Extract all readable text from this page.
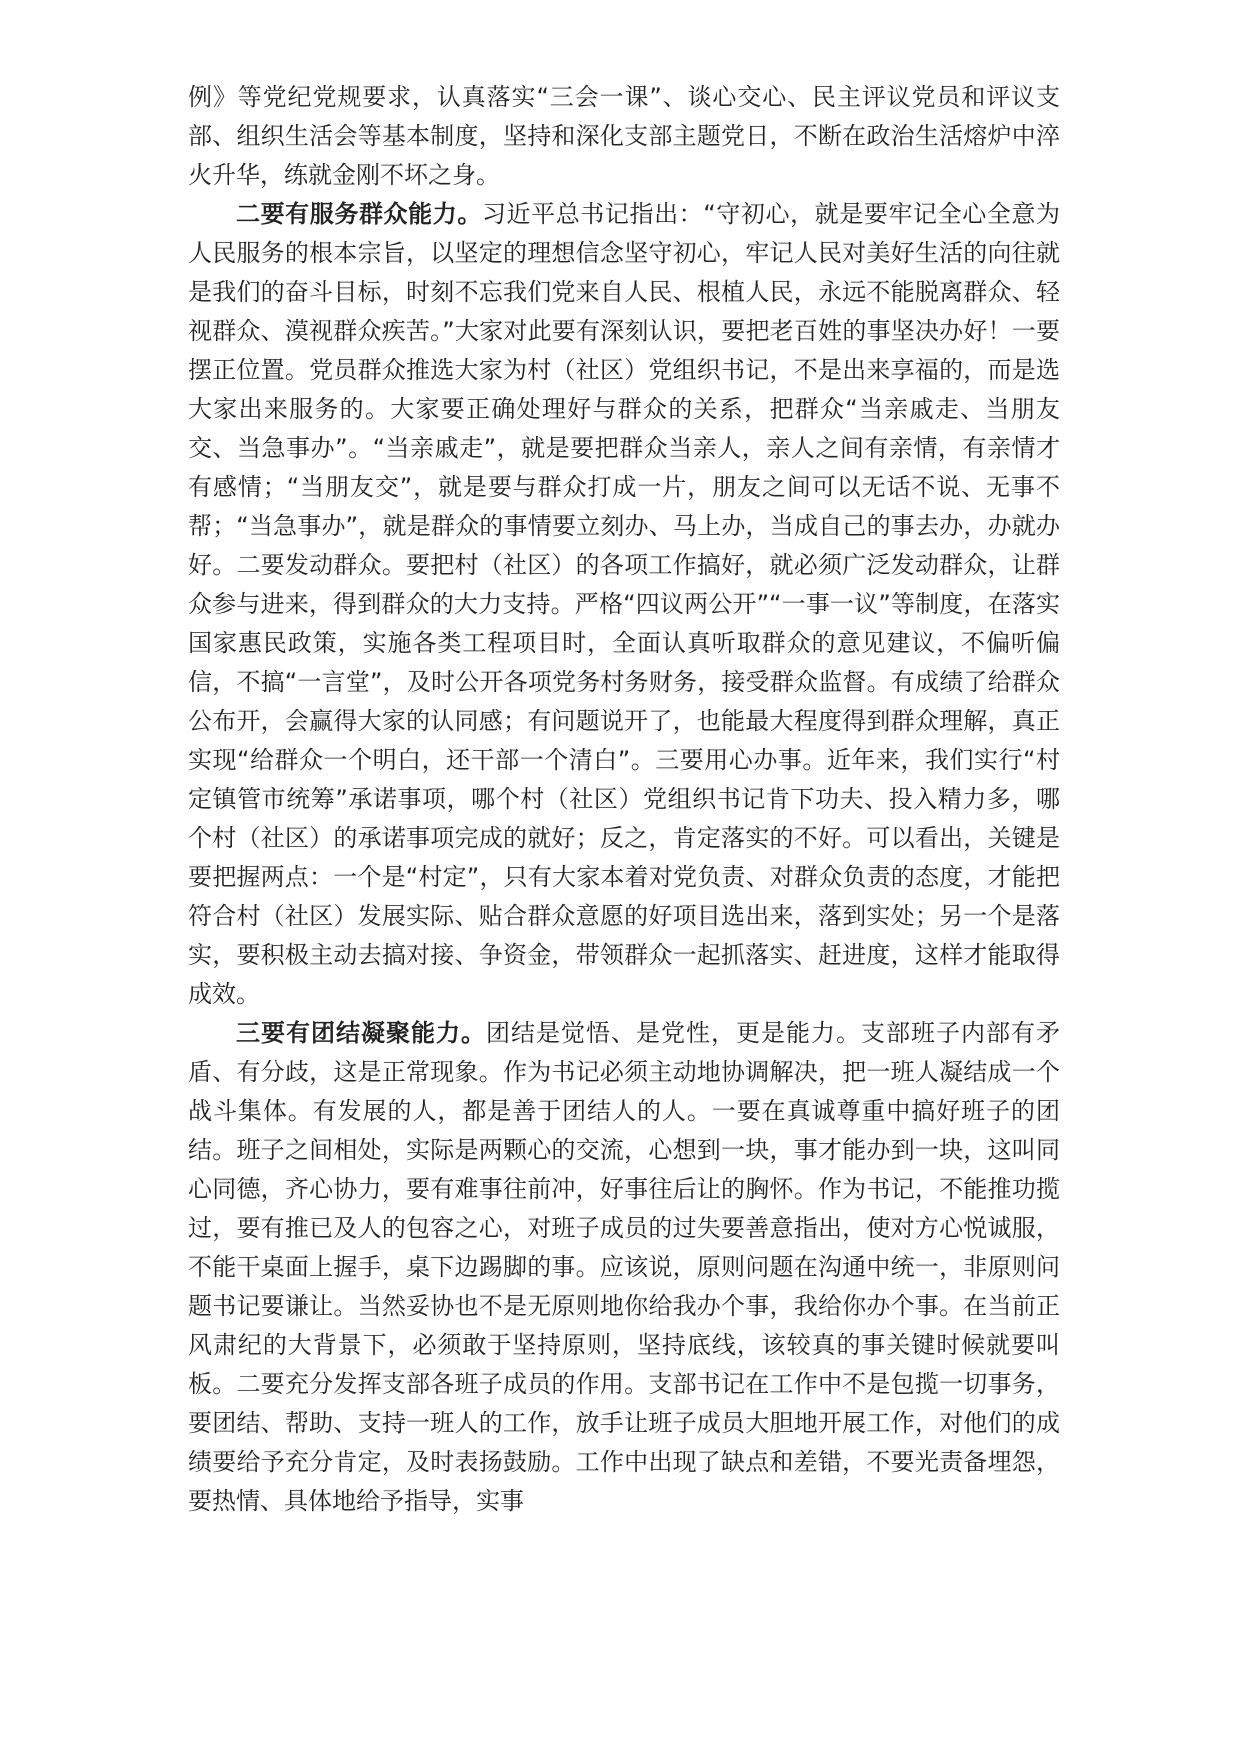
例》等党纪党规要求，认真落实“三会一课”、谈心交心、民主评议党员和评议支部、组织生活会等基本制度，坚持和深化支部主题党日，不断在政治生活熔炉中淬火升华，练就金刚不坏之身。

二要有服务群众能力。习近平总书记指出：“守初心，就是要牢记全心全意为人民服务的根本宗旨，以坚定的理想信念坚守初心，牢记人民对美好生活的向往就是我们的奋斗目标，时刻不忘我们党来自人民、根植人民，永远不能脱离群众、轻视群众、漠视群众疾苦。”大家对此要有深刻认识，要把老百姓的事坚决办好！一要摆正位置。党员群众推选大家为村（社区）党组织书记，不是出来享福的，而是选大家出来服务的。大家要正确处理好与群众的关系，把群众“当亲戚走、当朋友交、当急事办”。“当亲戚走”，就是要把群众当亲人，亲人之间有亲情，有亲情才有感情；“当朋友交”，就是要与群众打成一片，朋友之间可以无话不说、无事不帮；“当急事办”，就是群众的事情要立刻办、马上办，当成自己的事去办，办就办好。二要发动群众。要把村（社区）的各项工作搞好，就必须广泛发动群众，让群众参与进来，得到群众的大力支持。严格“四议两公开”“一事一议”等制度，在落实国家惠民政策，实施各类工程项目时，全面认真听取群众的意见建议，不偏听偏信，不搞“一言堂”，及时公开各项党务村务财务，接受群众监督。有成绩了给群众公布开，会赢得大家的认同感；有问题说开了，也能最大程度得到群众理解，真正实现“给群众一个明白，还干部一个清白”。三要用心办事。近年来，我们实行“村定镇管市统筹”承诺事项，哪个村（社区）党组织书记肯下功夫、投入精力多，哪个村（社区）的承诺事项完成的就好；反之，肯定落实的不好。可以看出，关键是要把握两点：一个是“村定”，只有大家本着对党负责、对群众负责的态度，才能把符合村（社区）发展实际、贴合群众意愿的好项目选出来，落到实处；另一个是落实，要积极主动去搞对接、争资金，带领群众一起抓落实、赶进度，这样才能取得成效。

三要有团结凝聚能力。团结是觉悟、是党性，更是能力。支部班子内部有矛盾、有分歧，这是正常现象。作为书记必须主动地协调解决，把一班人凝结成一个战斗集体。有发展的人，都是善于团结人的人。一要在真诚尊重中搞好班子的团结。班子之间相处，实际是两颗心的交流，心想到一块，事才能办到一块，这叫同心同德，齐心协力，要有难事往前冲，好事往后让的胸怀。作为书记，不能推功揽过，要有推已及人的包容之心，对班子成员的过失要善意指出，使对方心悦诚服，不能干桌面上握手，桌下边踢脚的事。应该说，原则问题在沟通中统一，非原则问题书记要谦让。当然妥协也不是无原则地你给我办个事，我给你办个事。在当前正风肃纪的大背景下，必须敢于坚持原则，坚持底线，该较真的事关键时候就要叫板。二要充分发挥支部各班子成员的作用。支部书记在工作中不是包揽一切事务，要团结、帮助、支持一班人的工作，放手让班子成员大胆地开展工作，对他们的成绩要给予充分肯定，及时表扬鼓励。工作中出现了缺点和差错，不要光责备埋怨，要热情、具体地给予指导，实事
